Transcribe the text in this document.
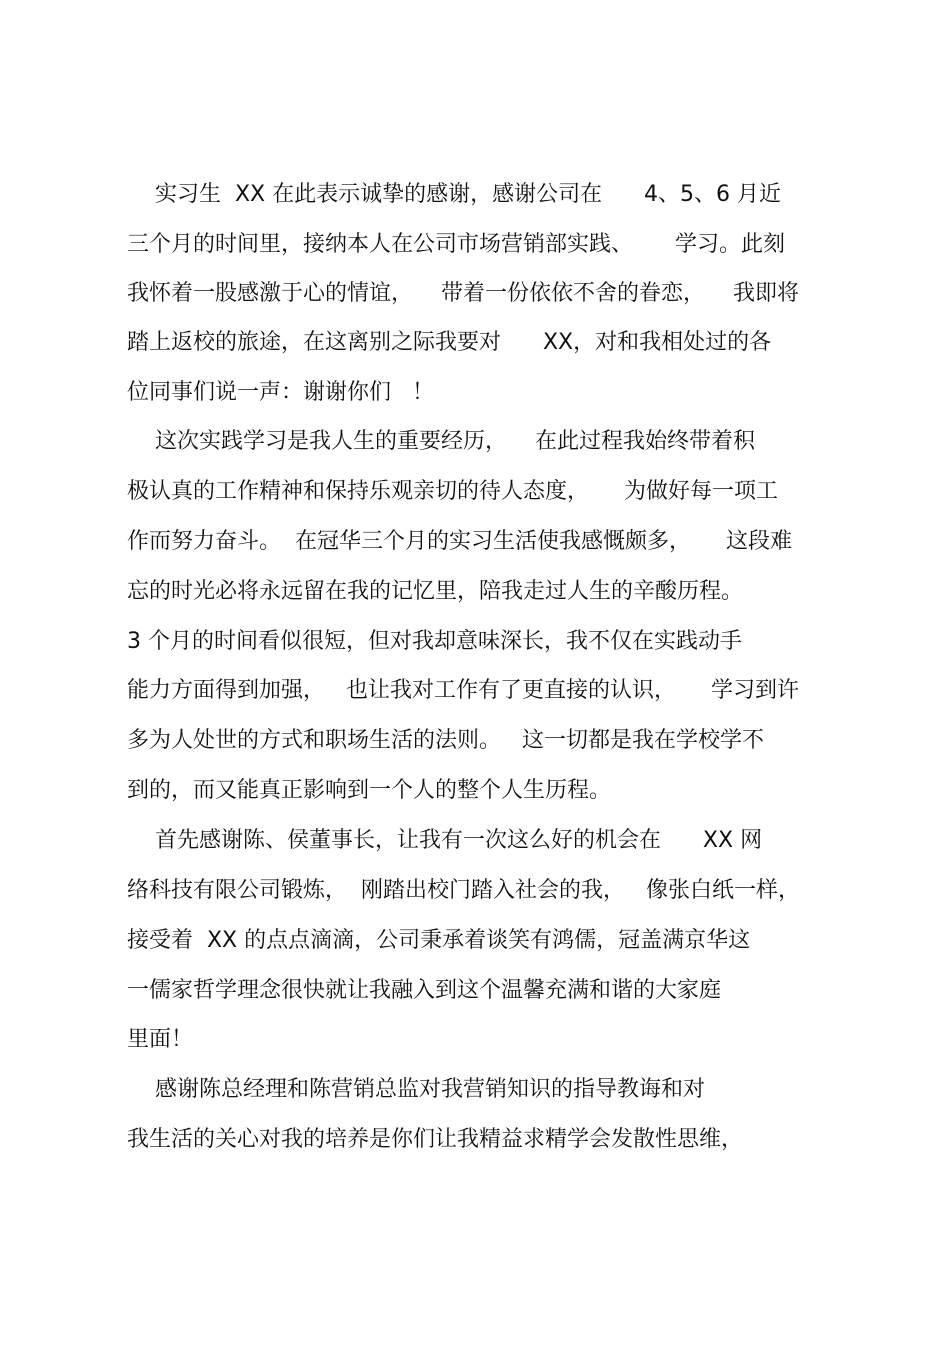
实习生  XX 在此表示诚挚的感谢，感谢公司在      4、5、6 月近
三个月的时间里，接纳本人在公司市场营销部实践、      学习。此刻
我怀着一股感激于心的情谊，    带着一份依依不舍的眷恋，    我即将
踏上返校的旅途，在这离别之际我要对      XX，对和我相处过的各
位同事们说一声：谢谢你们   ！
这次实践学习是我人生的重要经历，    在此过程我始终带着积
极认真的工作精神和保持乐观亲切的待人态度，     为做好每一项工
作而努力奋斗。  在冠华三个月的实习生活使我感慨颇多，     这段难
忘的时光必将永远留在我的记忆里，陪我走过人生的辛酸历程。
3 个月的时间看似很短，但对我却意味深长，我不仅在实践动手
能力方面得到加强，   也让我对工作有了更直接的认识，     学习到许
多为人处世的方式和职场生活的法则。   这一切都是我在学校学不
到的，而又能真正影响到一个人的整个人生历程。
首先感谢陈、侯董事长，让我有一次这么好的机会在      XX 网
络科技有限公司锻炼，  刚踏出校门踏入社会的我，   像张白纸一样，
接受着  XX 的点点滴滴，公司秉承着谈笑有鸿儒，冠盖满京华这
一儒家哲学理念很快就让我融入到这个温馨充满和谐的大家庭
里面！
感谢陈总经理和陈营销总监对我营销知识的指导教诲和对
我生活的关心对我的培养是你们让我精益求精学会发散性思维，
